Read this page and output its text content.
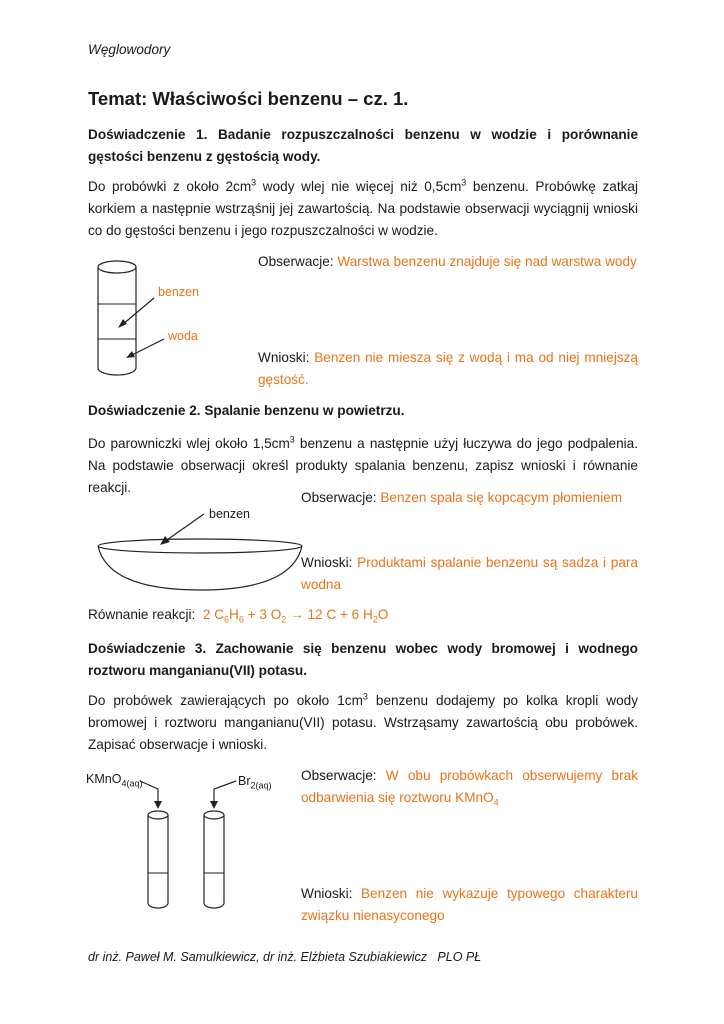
Węglowodory
Temat: Właściwości benzenu – cz. 1.
Doświadczenie 1. Badanie rozpuszczalności benzenu w wodzie i porównanie gęstości benzenu z gęstością wody.
Do probówki z około $2cm^3$ wody wlej nie więcej niż $0,5cm^3$ benzenu. Probówkę zatkaj korkiem a następnie wstrząśnij jej zawartością. Na podstawie obserwacji wyciągnij wnioski co do gęstości benzenu i jego rozpuszczalności w wodzie.
benzen
woda
Obserwacje: Warstwa benzenu znajduje się nad warstwa wody
Wnioski: Benzen nie miesza się z wodą i ma od niej mniejszą gęstość.
Doświadczenie 2. Spalanie benzenu w powietrzu.
Do parowniczki wlej około $1,5cm^3$ benzenu a następnie użyj łuczywa do jego podpalenia. Na podstawie obserwacji określ produkty spalania benzenu, zapisz wnioski i równanie reakcji.
benzen
Obserwacje: Benzen spala się kopcącym płomieniem
Wnioski: Produktami spalanie benzenu są sadza i para wodna
Równanie reakcji: 2 $C_6H_6 + 3$ $O_2 \to 12$ C + 6 $H_2O$
Doświadczenie 3. Zachowanie się benzenu wobec wody bromowej i wodnego roztworu manganianu(VII) potasu.
Do probówek zawierających po około $1cm^3$ benzenu dodajemy po kolka kropli wody bromowej i roztworu manganianu(VII) potasu. Wstrząsamy zawartością obu probówek. Zapisać obserwacje i wnioski.
KMnO$_{4(aq)}$	$Br_{2(aq)}$
Obserwacje: W obu probówkach obserwujemy brak odbarwienia się roztworu KMnO$_4$
Wnioski: Benzen nie wykazuje typowego charakteru związku nienasyconego
dr inż. Paweł M. Samulkiewicz, dr inż. Elżbieta Szubiakiewicz   PLO PŁ
